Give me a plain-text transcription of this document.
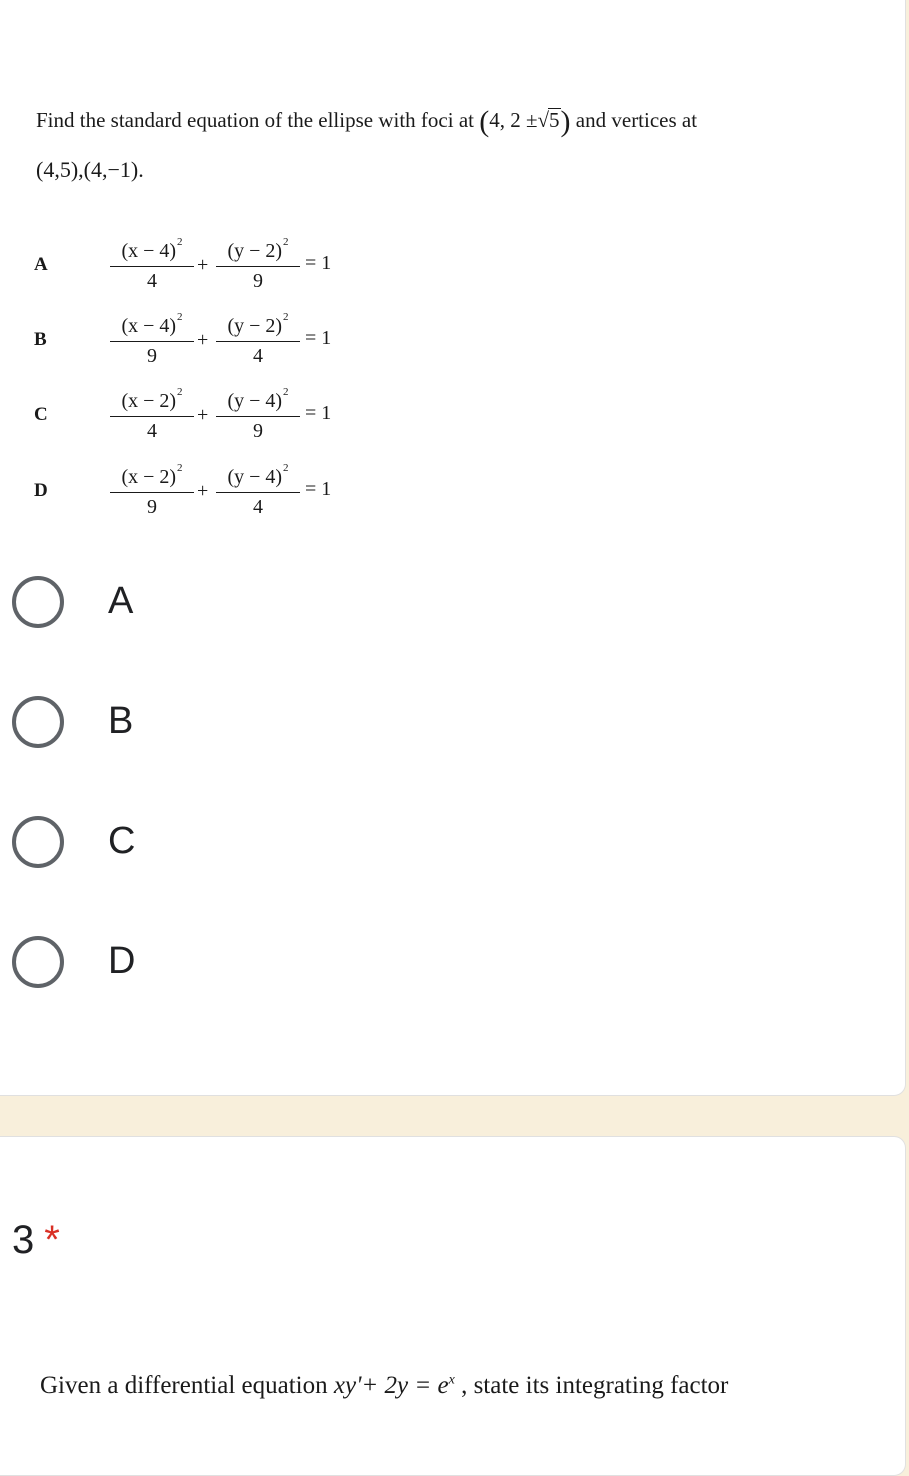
Find the standard equation of the ellipse with foci at (4, 2 ±√5) and vertices at
(4,5),(4,−1).
A	$\frac{(x - 4)^2}{4} + \frac{(y - 2)^2}{9} = 1$
B	$\frac{(x - 4)^2}{9} + \frac{(y - 2)^2}{4} = 1$
C	$\frac{(x - 2)^2}{4} + \frac{(y - 4)^2}{9} = 1$
D	$\frac{(x - 2)^2}{9} + \frac{(y - 4)^2}{4} = 1$
A
B
C
D
3 *
Given a differential equation $xy'+ 2y = e^x$ , state its integrating factor
